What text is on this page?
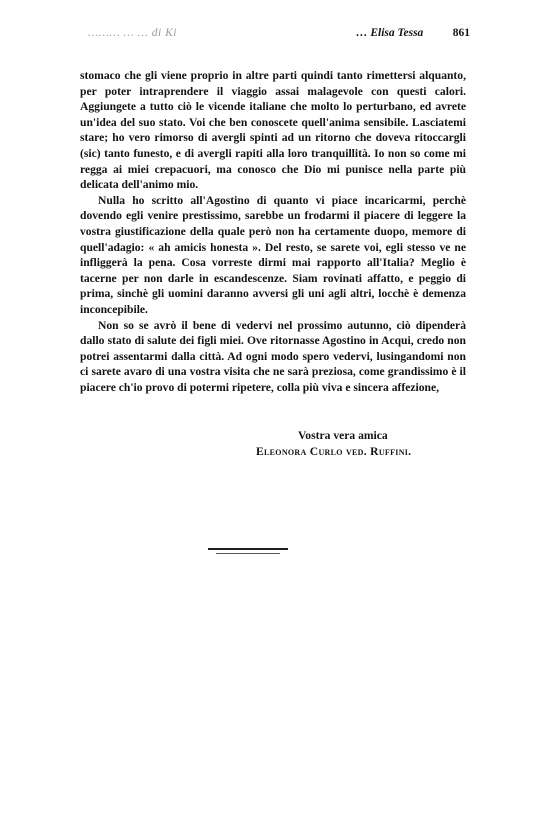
……… … … di Ki	… Elisa Tessa	861

stomaco che gli viene proprio in altre parti quindi tanto rimettersi alquanto, per poter intraprendere il viaggio assai malagevole con questi calori. Aggiungete a tutto ciò le vicende italiane che molto lo perturbano, ed avrete un'idea del suo stato. Voi che ben conoscete quell'anima sensibile. Lasciatemi stare; ho vero rimorso di avergli spinti ad un ritorno che doveva ritoccargli (sic) tanto funesto, e di avergli rapiti alla loro tranquillità. Io non so come mi regga ai miei crepacuori, ma conosco che Dio mi punisce nella parte più delicata dell'animo mio.

Nulla ho scritto all'Agostino di quanto vi piace incaricarmi, perchè dovendo egli venire prestissimo, sarebbe un frodarmi il piacere di leggere la vostra giustificazione della quale però non ha certamente duopo, memore di quell'adagio: « ah amicis honesta ». Del resto, se sarete voi, egli stesso ve ne infliggerà la pena. Cosa vorreste dirmi mai rapporto all'Italia? Meglio è tacerne per non darle in escandescenze. Siam rovinati affatto, e peggio di prima, sinchè gli uomini daranno avversi gli uni agli altri, locchè è demenza inconcepibile.

Non so se avrò il bene di vedervi nel prossimo autunno, ciò dipenderà dallo stato di salute dei figli miei. Ove ritornasse Agostino in Acqui, credo non potrei assentarmi dalla città. Ad ogni modo spero vedervi, lusingandomi non ci sarete avaro di una vostra visita che ne sarà preziosa, come grandissimo è il piacere ch'io provo di potermi ripetere, colla più viva e sincera affezione,

Vostra vera amica
Eleonora Curlo ved. Ruffini.
